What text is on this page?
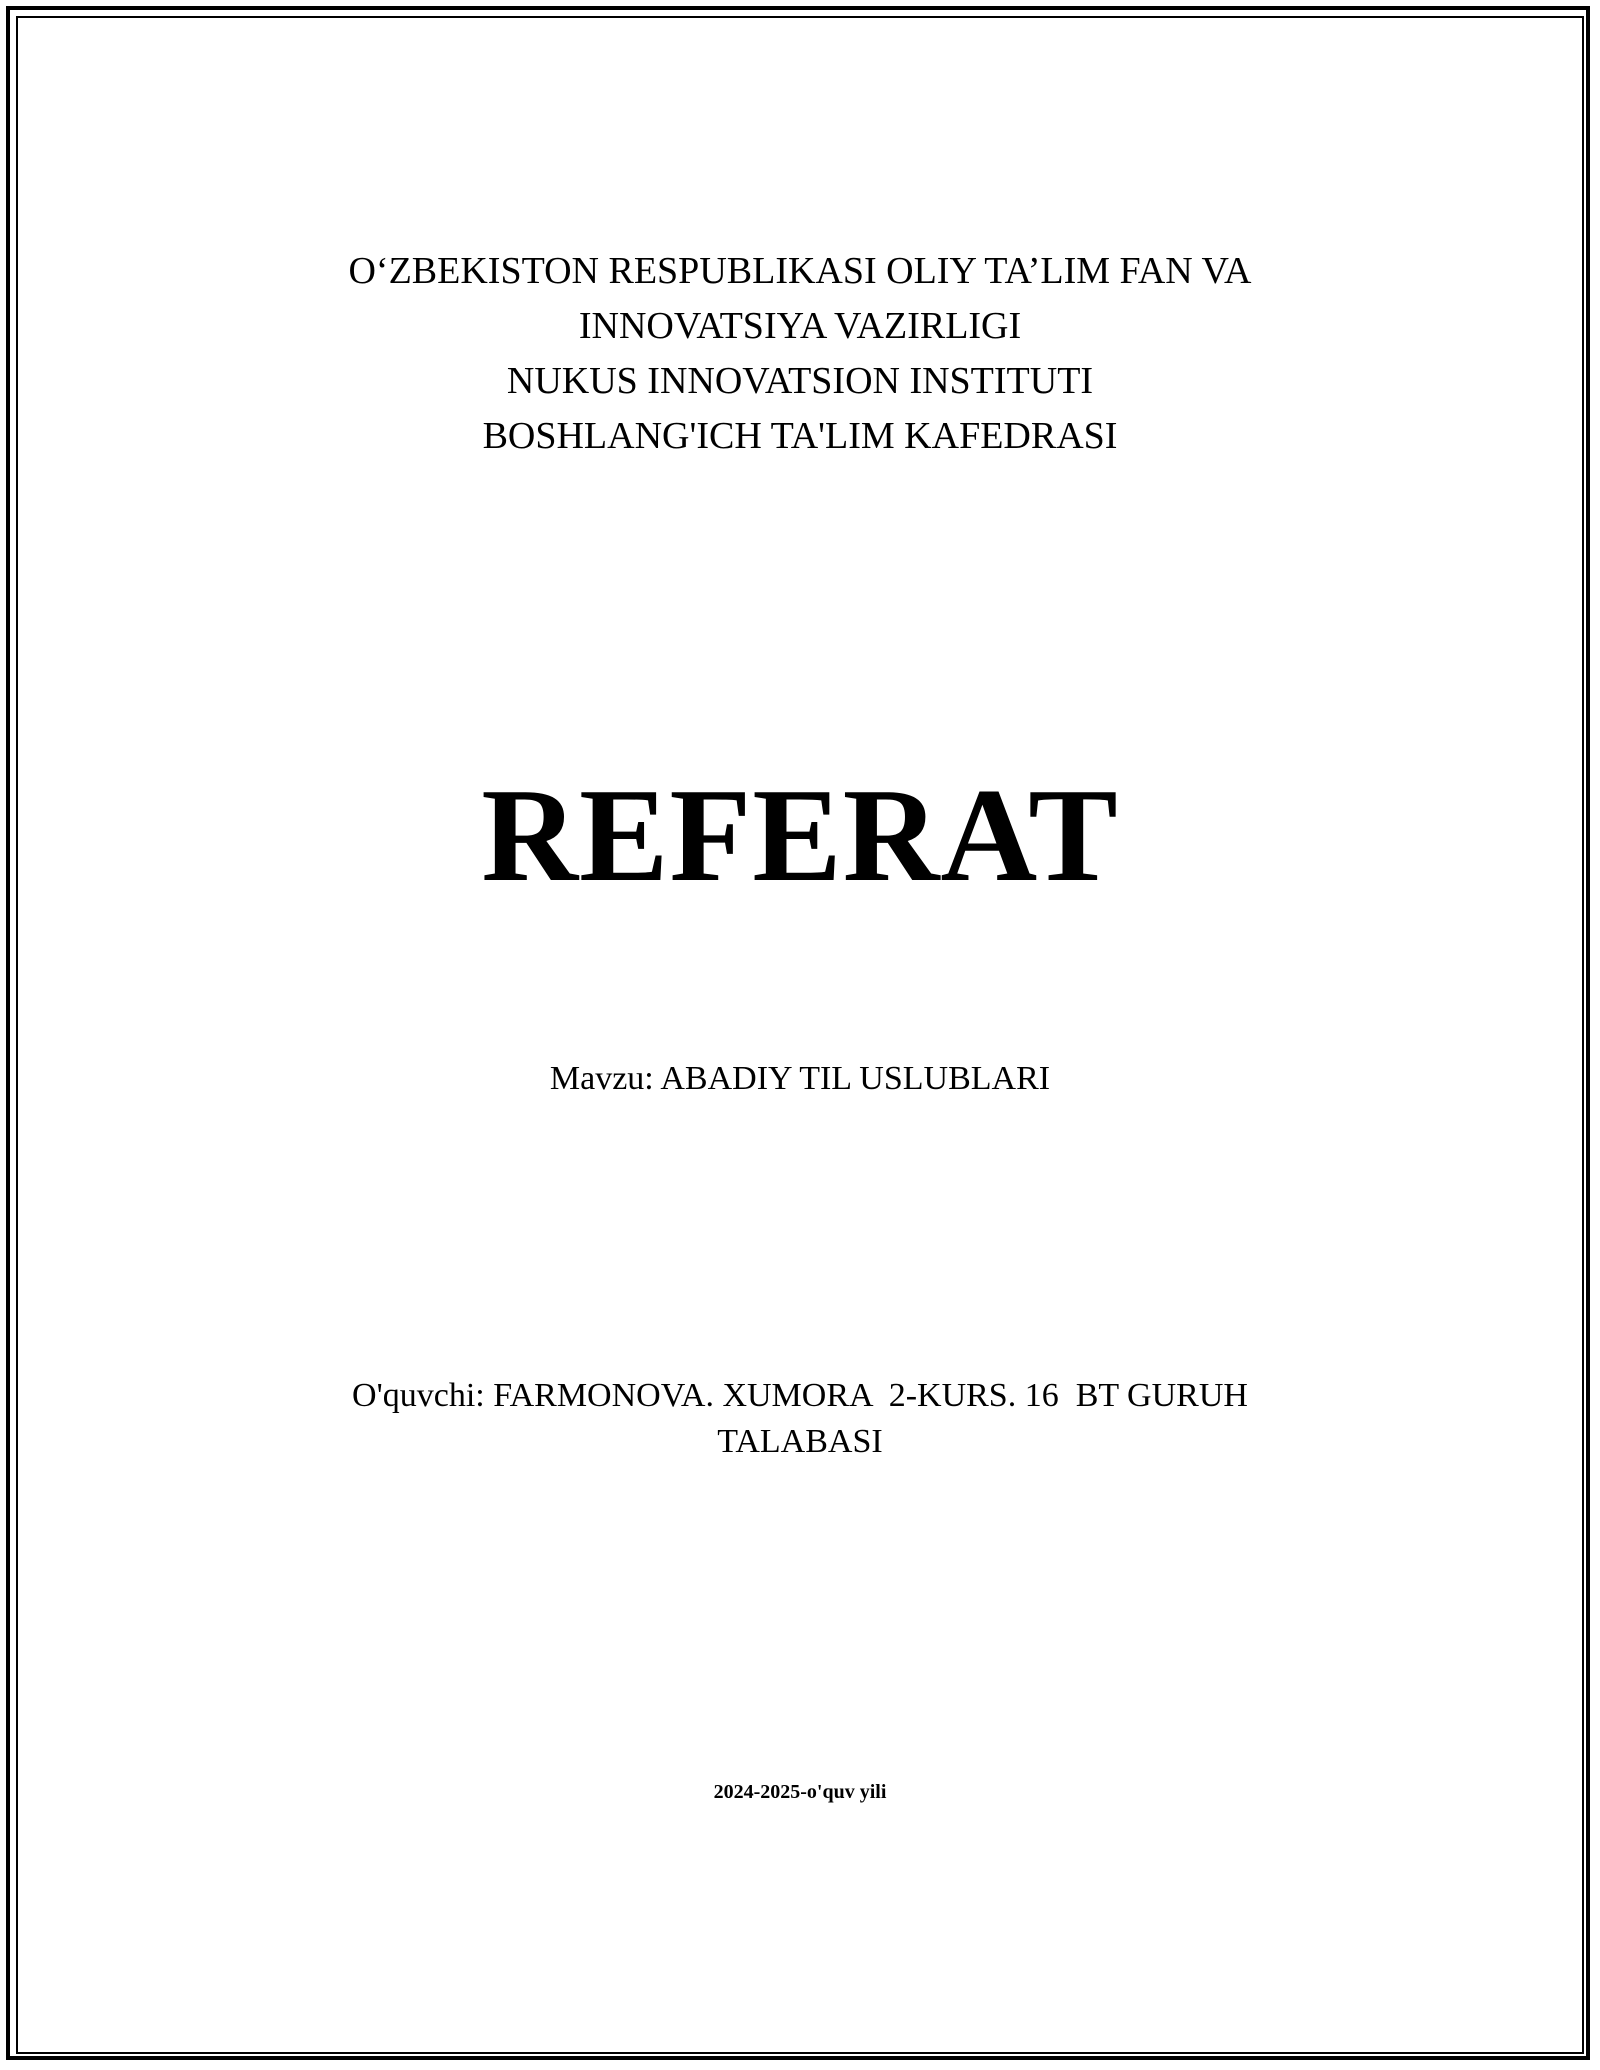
O‘ZBEKISTON RESPUBLIKASI OLIY TA’LIM FAN VA
INNOVATSIYA VAZIRLIGI
NUKUS INNOVATSION INSTITUTI
BOSHLANG'ICH TA'LIM KAFEDRASI
REFERAT
Mavzu: ABADIY TIL USLUBLARI
O'quvchi: FARMONOVA. XUMORA  2-KURS. 16  BT GURUH
TALABASI
2024-2025-o'quv yili
